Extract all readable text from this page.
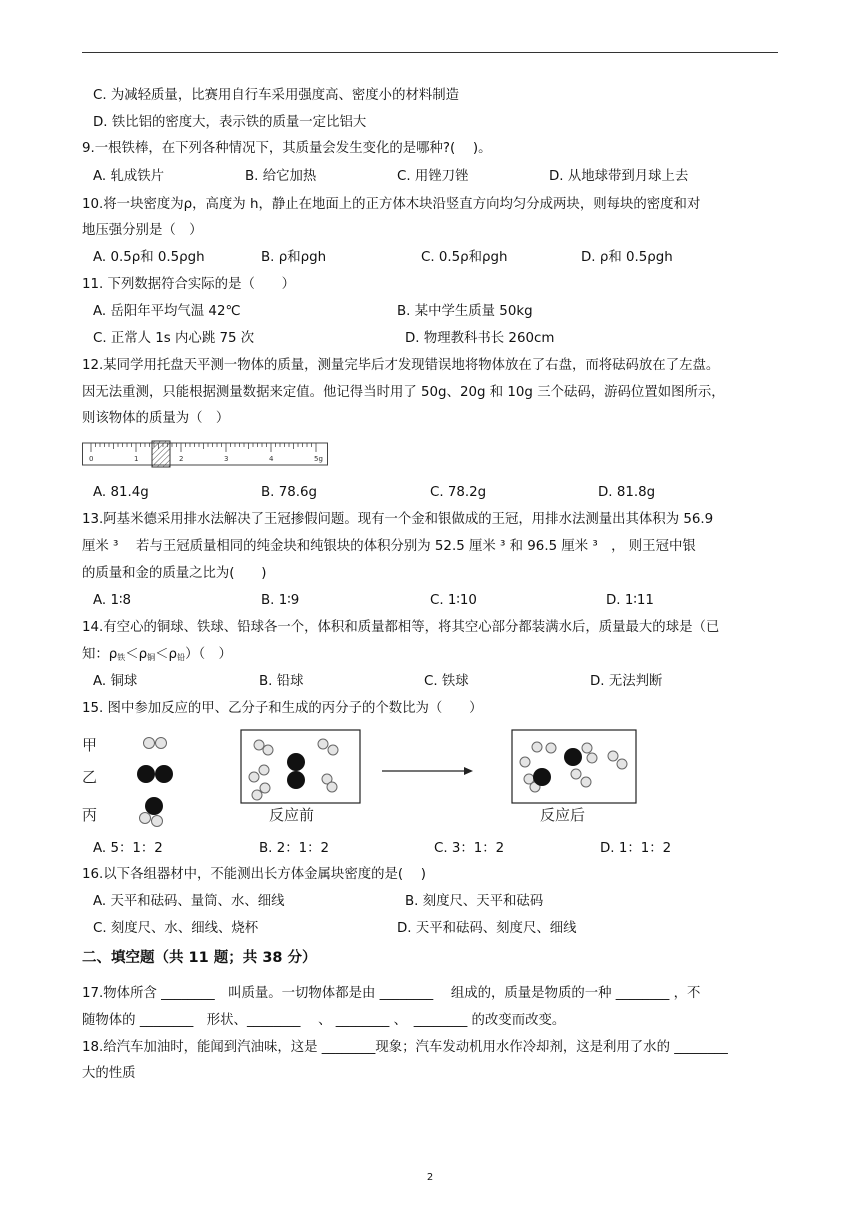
C. 为减轻质量，比赛用自行车采用强度高、密度小的材料制造
D. 铁比铝的密度大，表示铁的质量一定比铝大
9.一根铁棒，在下列各种情况下，其质量会发生变化的是哪种?(　 )。
A. 轧成铁片	B. 给它加热	C. 用锉刀锉	D. 从地球带到月球上去
10.将一块密度为ρ，高度为 h，静止在地面上的正方体木块沿竖直方向均匀分成两块，则每块的密度和对
地压强分别是（　）
A. 0.5ρ和 0.5ρgh	B. ρ和ρgh	C. 0.5ρ和ρgh	D. ρ和 0.5ρgh
11. 下列数据符合实际的是（　　）
A. 岳阳年平均气温 42℃	B. 某中学生质量 50kg
C. 正常人 1s 内心跳 75 次	D. 物理教科书长 260cm
12.某同学用托盘天平测一物体的质量，测量完毕后才发现错误地将物体放在了右盘，而将砝码放在了左盘。
因无法重测，只能根据测量数据来定值。他记得当时用了 50g、20g 和 10g 三个砝码，游码位置如图所示，
则该物体的质量为（　）
0	1	2	3	4	5g
A. 81.4g	B. 78.6g	C. 78.2g	D. 81.8g
13.阿基米德采用排水法解决了王冠掺假问题。现有一个金和银做成的王冠，用排水法测量出其体积为 56.9
厘米 ³　 若与王冠质量相同的纯金块和纯银块的体积分别为 52.5 厘米 ³ 和 96.5 厘米 ³　， 则王冠中银
的质量和金的质量之比为(　　)
A. 1∶8	B. 1∶9	C. 1∶10	D. 1∶11
14.有空心的铜球、铁球、铅球各一个，体积和质量都相等，将其空心部分都装满水后，质量最大的球是（已
知：$\rho_铁<\rho_铜<\rho_铅$）（　）
A. 铜球	B. 铅球	C. 铁球	D. 无法判断
15. 图中参加反应的甲、乙分子和生成的丙分子的个数比为（　　）
甲
乙
丙	反应前	反应后
A. 5：1：2	B. 2：1：2	C. 3：1：2	D. 1：1：2
16.以下各组器材中，不能测出长方体金属块密度的是(　 )
A. 天平和砝码、量筒、水、细线	B. 刻度尺、天平和砝码
C. 刻度尺、水、细线、烧杯	D. 天平和砝码、刻度尺、细线
二、填空题（共 11 题；共 38 分）
17.物体所含 ________　叫质量。一切物体都是由 ________　 组成的，质量是物质的一种 ________ ，不
随物体的 ________　形状、________　 、 ________ 、　________ 的改变而改变。
18.给汽车加油时，能闻到汽油味，这是 ________现象；汽车发动机用水作冷却剂，这是利用了水的 ________
大的性质
2
